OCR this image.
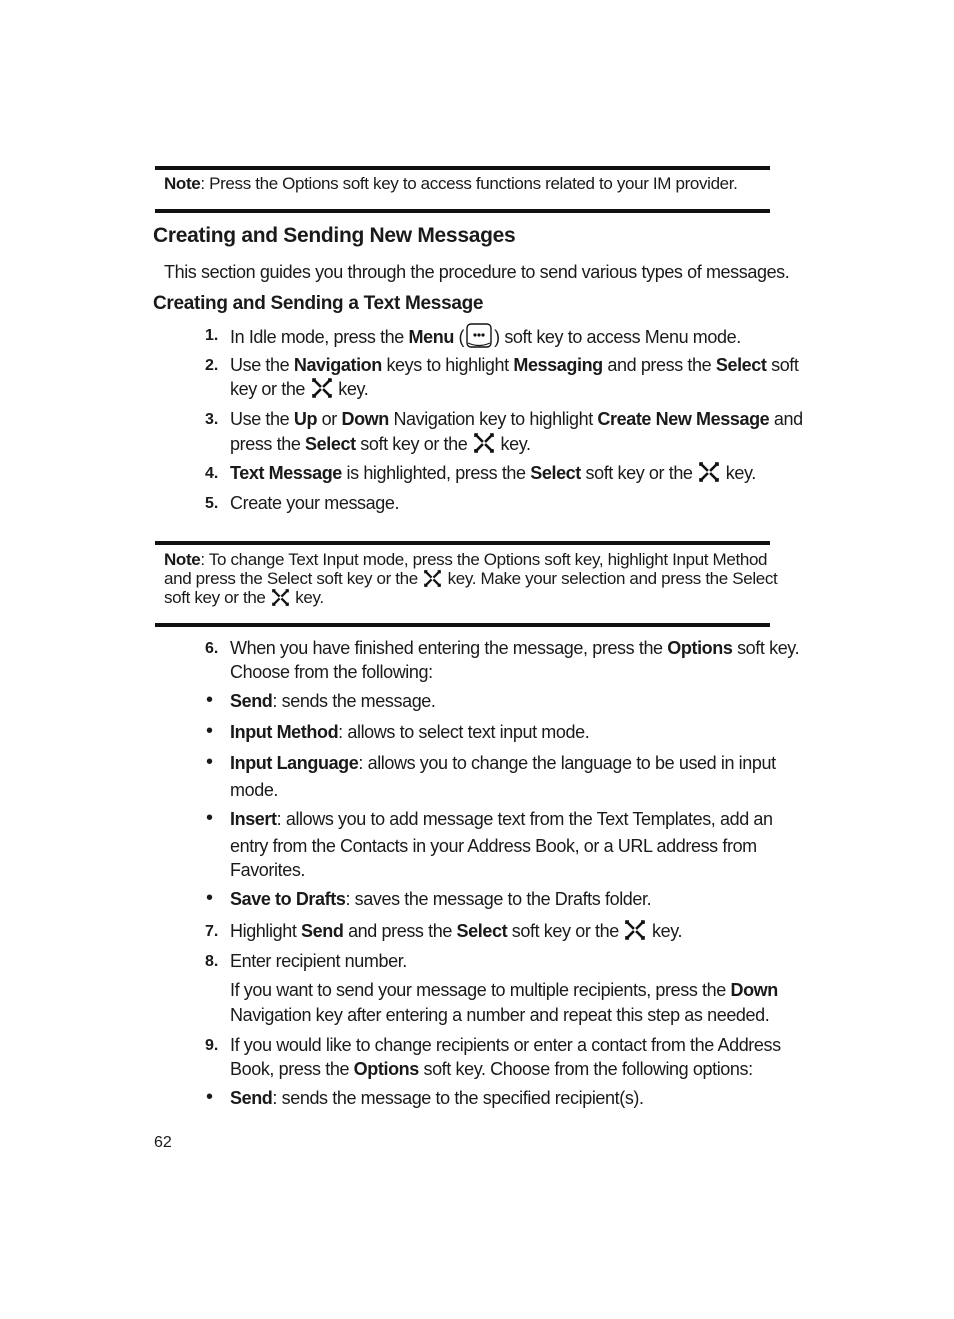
Note: Press the Options soft key to access functions related to your IM provider.
Creating and Sending New Messages
This section guides you through the procedure to send various types of messages.
Creating and Sending a Text Message
1. In Idle mode, press the Menu ( ) soft key to access Menu mode.
2. Use the Navigation keys to highlight Messaging and press the Select soft
key or the  key.
3. Use the Up or Down Navigation key to highlight Create New Message and
press the Select soft key or the  key.
4. Text Message is highlighted, press the Select soft key or the  key.
5. Create your message.
Note: To change Text Input mode, press the Options soft key, highlight Input Method
and press the Select soft key or the  key. Make your selection and press the Select
soft key or the  key.
6. When you have finished entering the message, press the Options soft key.
Choose from the following:
• Send: sends the message.
• Input Method: allows to select text input mode.
• Input Language: allows you to change the language to be used in input
mode.
• Insert: allows you to add message text from the Text Templates, add an
entry from the Contacts in your Address Book, or a URL address from
Favorites.
• Save to Drafts: saves the message to the Drafts folder.
7. Highlight Send and press the Select soft key or the  key.
8. Enter recipient number.
If you want to send your message to multiple recipients, press the Down
Navigation key after entering a number and repeat this step as needed.
9. If you would like to change recipients or enter a contact from the Address
Book, press the Options soft key. Choose from the following options:
• Send: sends the message to the specified recipient(s).
62
